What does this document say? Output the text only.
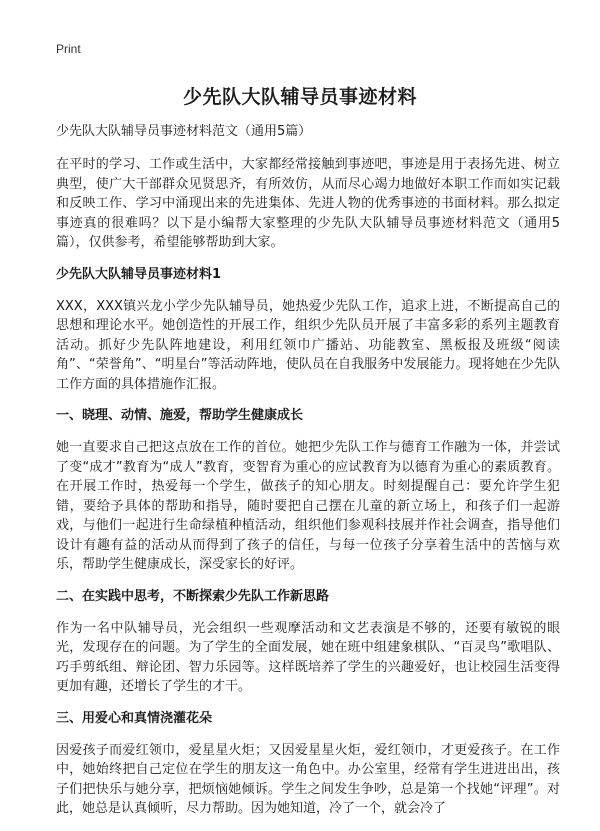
Print
少先队大队辅导员事迹材料

少先队大队辅导员事迹材料范文（通用5篇）

在平时的学习、工作或生活中，大家都经常接触到事迹吧，事迹是用于表扬先进、树立典型，使广大干部群众见贤思齐，有所效仿，从而尽心竭力地做好本职工作而如实记载和反映工作、学习中涌现出来的先进集体、先进人物的优秀事迹的书面材料。那么拟定事迹真的很难吗？以下是小编帮大家整理的少先队大队辅导员事迹材料范文（通用5篇），仅供参考，希望能够帮助到大家。

少先队大队辅导员事迹材料1

XXX，XXX镇兴龙小学少先队辅导员，她热爱少先队工作，追求上进，不断提高自己的思想和理论水平。她创造性的开展工作，组织少先队员开展了丰富多彩的系列主题教育活动。抓好少先队阵地建设，利用红领巾广播站、功能教室、黑板报及班级“阅读角”、“荣誉角”、“明星台”等活动阵地，使队员在自我服务中发展能力。现将她在少先队工作方面的具体措施作汇报。

一、晓理、动情、施爱，帮助学生健康成长

她一直要求自己把这点放在工作的首位。她把少先队工作与德育工作融为一体，并尝试了变“成才”教育为“成人”教育，变智育为重心的应试教育为以德育为重心的素质教育。在开展工作时，热爱每一个学生，做孩子的知心朋友。时刻提醒自己：要允许学生犯错，要给予具体的帮助和指导，随时要把自己摆在儿童的新立场上，和孩子们一起游戏，与他们一起进行生命绿植种植活动，组织他们参观科技展并作社会调查，指导他们设计有趣有益的活动从而得到了孩子的信任，与每一位孩子分享着生活中的苦恼与欢乐，帮助学生健康成长，深受家长的好评。

二、在实践中思考，不断探索少先队工作新思路

作为一名中队辅导员，光会组织一些观摩活动和文艺表演是不够的，还要有敏锐的眼光，发现存在的问题。为了学生的全面发展，她在班中组建象棋队、“百灵鸟”歌唱队、巧手剪纸组、辩论团、智力乐园等。这样既培养了学生的兴趣爱好，也让校园生活变得更加有趣，还增长了学生的才干。

三、用爱心和真情浇灌花朵

因爱孩子而爱红领巾，爱星星火炬；又因爱星星火炬，爱红领巾，才更爱孩子。在工作中，她始终把自己定位在学生的朋友这一角色中。办公室里，经常有学生进进出出，孩子们把快乐与她分享，把烦恼她倾诉。学生之间发生争吵，总是第一个找她“评理”。对此，她总是认真倾听，尽力帮助。因为她知道，冷了一个，就会冷了
